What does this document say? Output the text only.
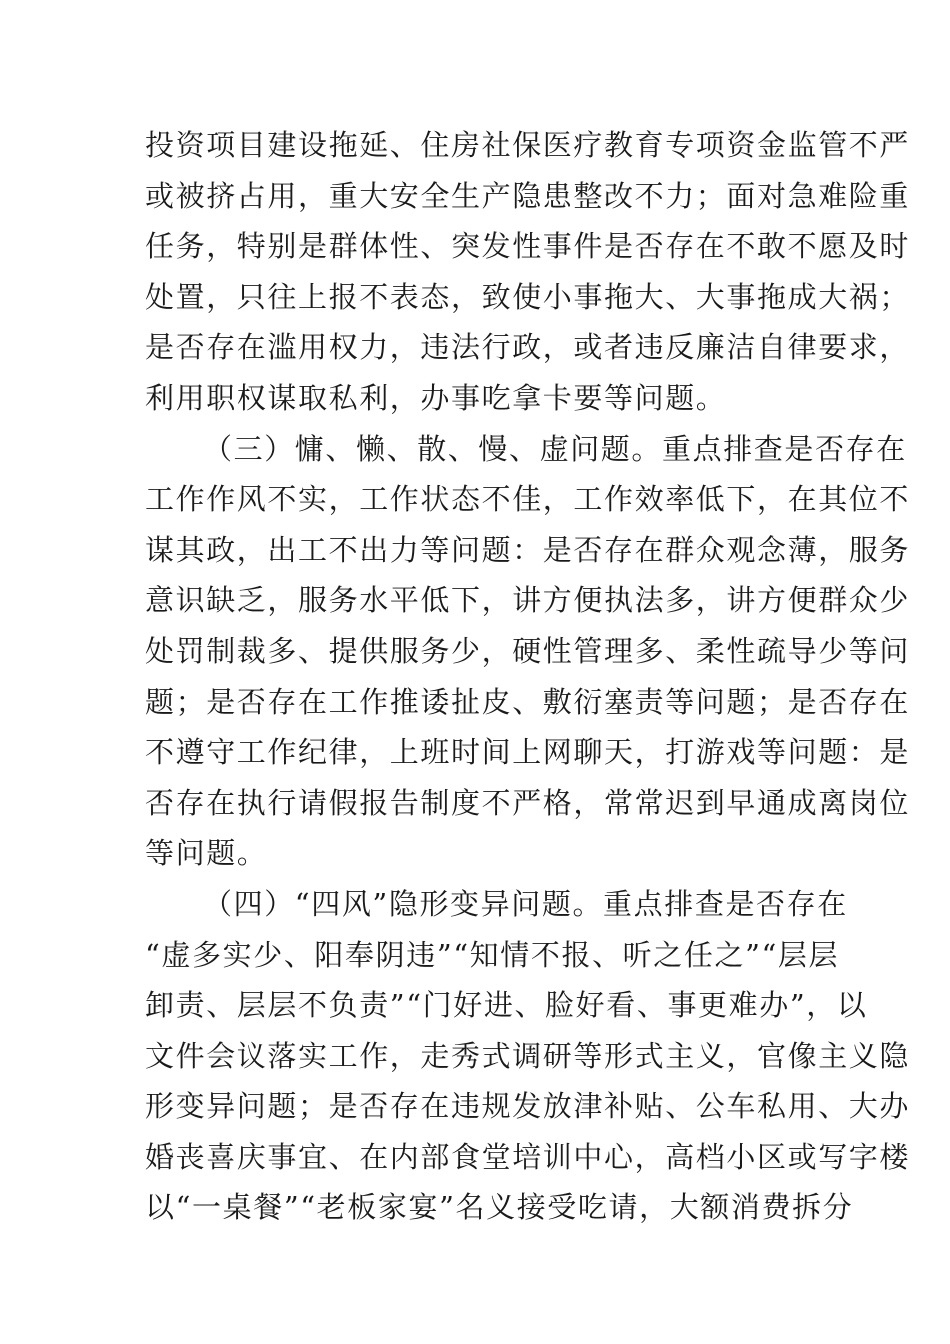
投资项目建设拖延、住房社保医疗教育专项资金监管不严
或被挤占用，重大安全生产隐患整改不力；面对急难险重
任务，特别是群体性、突发性事件是否存在不敢不愿及时
处置，只往上报不表态，致使小事拖大、大事拖成大祸；
是否存在滥用权力，违法行政，或者违反廉洁自律要求，
利用职权谋取私利，办事吃拿卡要等问题。
（三）慵、懒、散、慢、虚问题。重点排查是否存在
工作作风不实，工作状态不佳，工作效率低下，在其位不
谋其政，出工不出力等问题：是否存在群众观念薄，服务
意识缺乏，服务水平低下，讲方便执法多，讲方便群众少
处罚制裁多、提供服务少，硬性管理多、柔性疏导少等问
题；是否存在工作推诿扯皮、敷衍塞责等问题；是否存在
不遵守工作纪律，上班时间上网聊天，打游戏等问题：是
否存在执行请假报告制度不严格，常常迟到早通成离岗位
等问题。
（四）“四风”隐形变异问题。重点排查是否存在
“虚多实少、阳奉阴违”“知情不报、听之任之”“层层
卸责、层层不负责”“门好进、脸好看、事更难办”，以
文件会议落实工作，走秀式调研等形式主义，官像主义隐
形变异问题；是否存在违规发放津补贴、公车私用、大办
婚丧喜庆事宜、在内部食堂培训中心，高档小区或写字楼
以“一桌餐”“老板家宴”名义接受吃请，大额消费拆分
